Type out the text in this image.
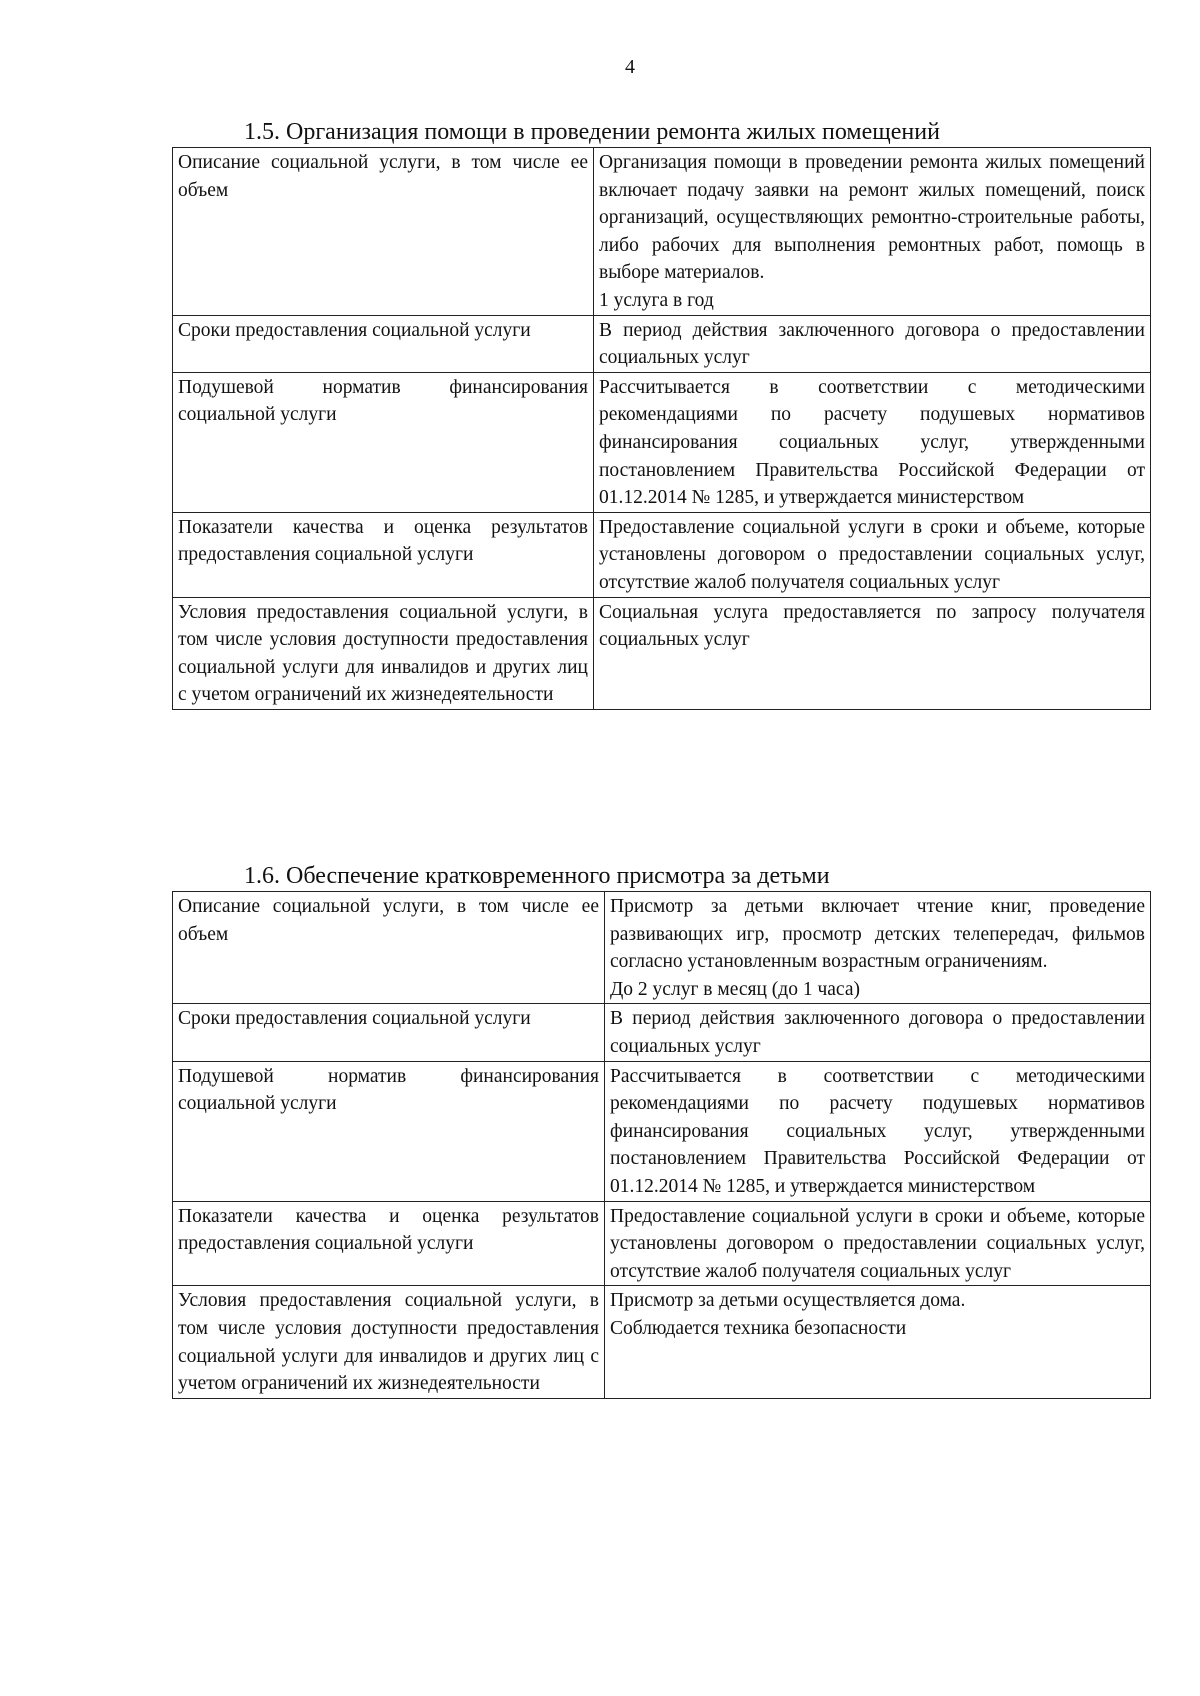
4
1.5. Организация помощи в проведении ремонта жилых помещений
Описание социальной услуги, в том числе ее объем	Организация помощи в проведении ремонта жилых помещений включает подачу заявки на ремонт жилых помещений, поиск организаций, осуществляющих ремонтно-строительные работы, либо рабочих для выполнения ремонтных работ, помощь в выборе материалов.
1 услуга в год

Сроки предоставления социальной услуги	В период действия заключенного договора о предоставлении социальных услуг

Подушевой норматив финансирования социальной услуги	Рассчитывается в соответствии с методическими рекомендациями по расчету подушевых нормативов финансирования социальных услуг, утвержденными постановлением Правительства Российской Федерации от 01.12.2014 № 1285, и утверждается министерством

Показатели качества и оценка результатов предоставления социальной услуги	Предоставление социальной услуги в сроки и объеме, которые установлены договором о предоставлении социальных услуг, отсутствие жалоб получателя социальных услуг

Условия предоставления социальной услуги, в том числе условия доступности предоставления социальной услуги для инвалидов и других лиц с учетом ограничений их жизнедеятельности	Социальная услуга предоставляется по запросу получателя социальных услуг
1.6. Обеспечение кратковременного присмотра за детьми
Описание социальной услуги, в том числе ее объем	Присмотр за детьми включает чтение книг, проведение развивающих игр, просмотр детских телепередач, фильмов согласно установленным возрастным ограничениям.
До 2 услуг в месяц (до 1 часа)

Сроки предоставления социальной услуги	В период действия заключенного договора о предоставлении социальных услуг

Подушевой норматив финансирования социальной услуги	Рассчитывается в соответствии с методическими рекомендациями по расчету подушевых нормативов финансирования социальных услуг, утвержденными постановлением Правительства Российской Федерации от 01.12.2014 № 1285, и утверждается министерством

Показатели качества и оценка результатов предоставления социальной услуги	Предоставление социальной услуги в сроки и объеме, которые установлены договором о предоставлении социальных услуг, отсутствие жалоб получателя социальных услуг

Условия предоставления социальной услуги, в том числе условия доступности предоставления социальной услуги для инвалидов и других лиц с учетом ограничений их жизнедеятельности	Присмотр за детьми осуществляется дома.
Соблюдается техника безопасности
